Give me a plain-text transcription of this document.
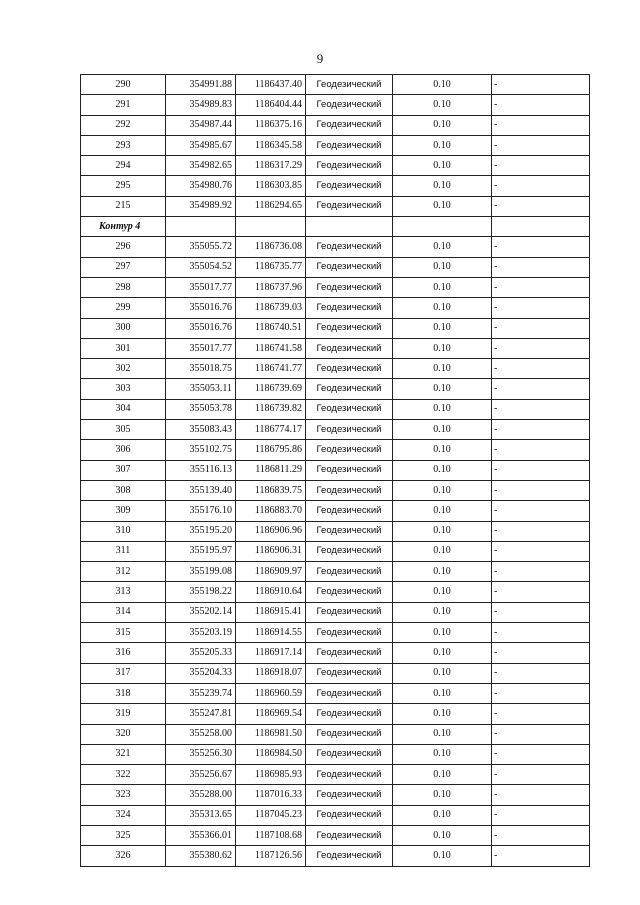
9
290	354991.88	1186437.40	Геодезический	0.10	-
291	354989.83	1186404.44	Геодезический	0.10	-
292	354987.44	1186375.16	Геодезический	0.10	-
293	354985.67	1186345.58	Геодезический	0.10	-
294	354982.65	1186317.29	Геодезический	0.10	-
295	354980.76	1186303.85	Геодезический	0.10	-
215	354989.92	1186294.65	Геодезический	0.10	-
Контур 4					
296	355055.72	1186736.08	Геодезический	0.10	-
297	355054.52	1186735.77	Геодезический	0.10	-
298	355017.77	1186737.96	Геодезический	0.10	-
299	355016.76	1186739.03	Геодезический	0.10	-
300	355016.76	1186740.51	Геодезический	0.10	-
301	355017.77	1186741.58	Геодезический	0.10	-
302	355018.75	1186741.77	Геодезический	0.10	-
303	355053.11	1186739.69	Геодезический	0.10	-
304	355053.78	1186739.82	Геодезический	0.10	-
305	355083.43	1186774.17	Геодезический	0.10	-
306	355102.75	1186795.86	Геодезический	0.10	-
307	355116.13	1186811.29	Геодезический	0.10	-
308	355139.40	1186839.75	Геодезический	0.10	-
309	355176.10	1186883.70	Геодезический	0.10	-
310	355195.20	1186906.96	Геодезический	0.10	-
311	355195.97	1186906.31	Геодезический	0.10	-
312	355199.08	1186909.97	Геодезический	0.10	-
313	355198.22	1186910.64	Геодезический	0.10	-
314	355202.14	1186915.41	Геодезический	0.10	-
315	355203.19	1186914.55	Геодезический	0.10	-
316	355205.33	1186917.14	Геодезический	0.10	-
317	355204.33	1186918.07	Геодезический	0.10	-
318	355239.74	1186960.59	Геодезический	0.10	-
319	355247.81	1186969.54	Геодезический	0.10	-
320	355258.00	1186981.50	Геодезический	0.10	-
321	355256.30	1186984.50	Геодезический	0.10	-
322	355256.67	1186985.93	Геодезический	0.10	-
323	355288.00	1187016.33	Геодезический	0.10	-
324	355313.65	1187045.23	Геодезический	0.10	-
325	355366.01	1187108.68	Геодезический	0.10	-
326	355380.62	1187126.56	Геодезический	0.10	-
